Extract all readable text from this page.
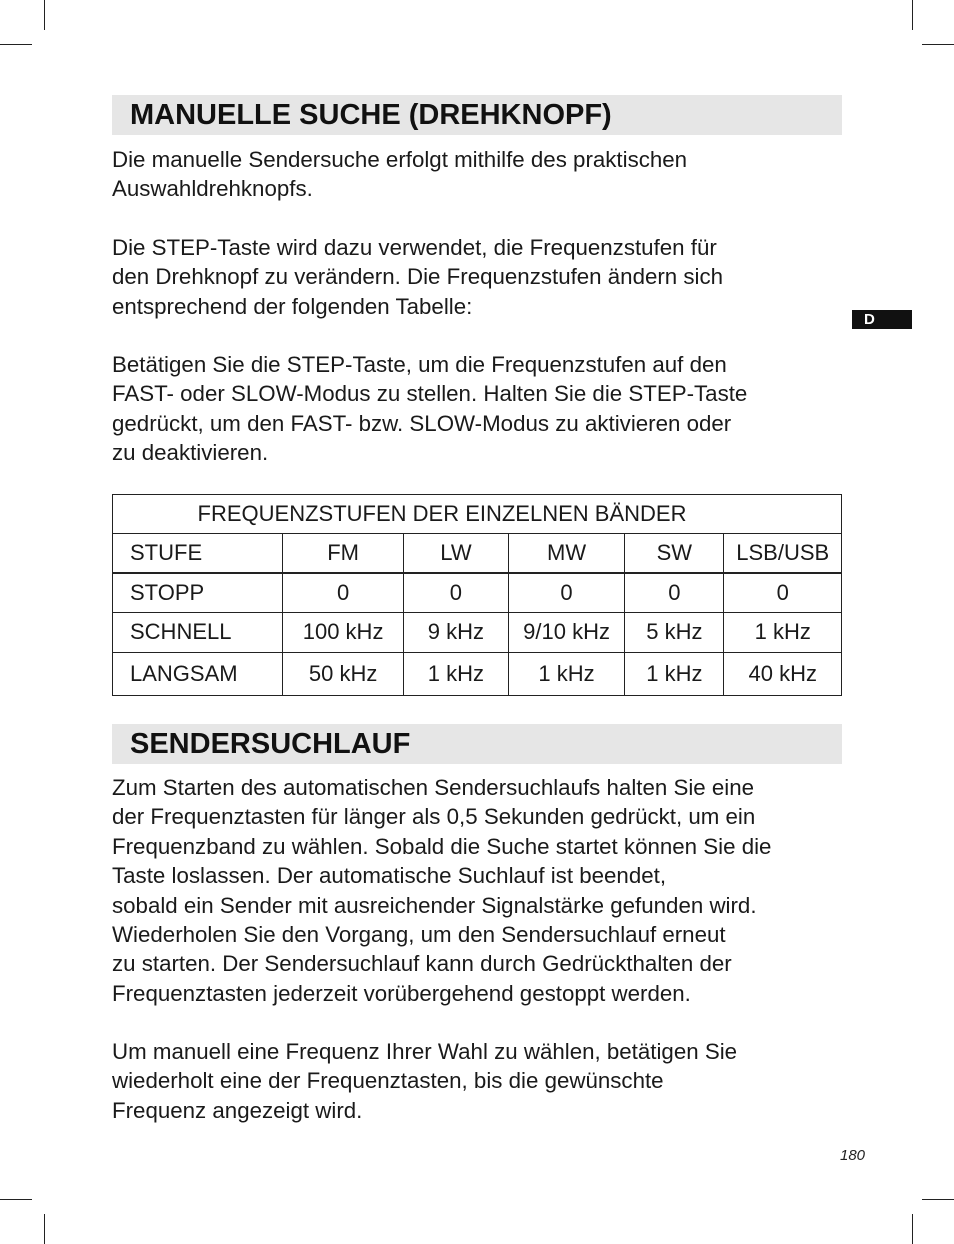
MANUELLE SUCHE (DREHKNOPF)
Die manuelle Sendersuche erfolgt mithilfe des praktischen
Auswahldrehknopfs.
Die STEP-Taste wird dazu verwendet, die Frequenzstufen für
den Drehknopf zu verändern. Die Frequenzstufen ändern sich
entsprechend der folgenden Tabelle:
Betätigen Sie die STEP-Taste, um die Frequenzstufen auf den
FAST- oder SLOW-Modus zu stellen. Halten Sie die STEP-Taste
gedrückt, um den FAST- bzw. SLOW-Modus zu aktivieren oder
zu deaktivieren.
D
FREQUENZSTUFEN DER EINZELNEN BÄNDER					
STUFE	FM	LW	MW	SW	LSB/USB
STOPP	0	0	0	0	0
SCHNELL	100 kHz	9 kHz	9/10 kHz	5 kHz	1 kHz
LANGSAM	50 kHz	1 kHz	1 kHz	1 kHz	40 kHz
SENDERSUCHLAUF
Zum Starten des automatischen Sendersuchlaufs halten Sie eine
der Frequenztasten für länger als 0,5 Sekunden gedrückt, um ein
Frequenzband zu wählen. Sobald die Suche startet können Sie die
Taste loslassen. Der automatische Suchlauf ist beendet,
sobald ein Sender mit ausreichender Signalstärke gefunden wird.
Wiederholen Sie den Vorgang, um den Sendersuchlauf erneut
zu starten. Der Sendersuchlauf kann durch Gedrückthalten der
Frequenztasten jederzeit vorübergehend gestoppt werden.
Um manuell eine Frequenz Ihrer Wahl zu wählen, betätigen Sie
wiederholt eine der Frequenztasten, bis die gewünschte
Frequenz angezeigt wird.
180
